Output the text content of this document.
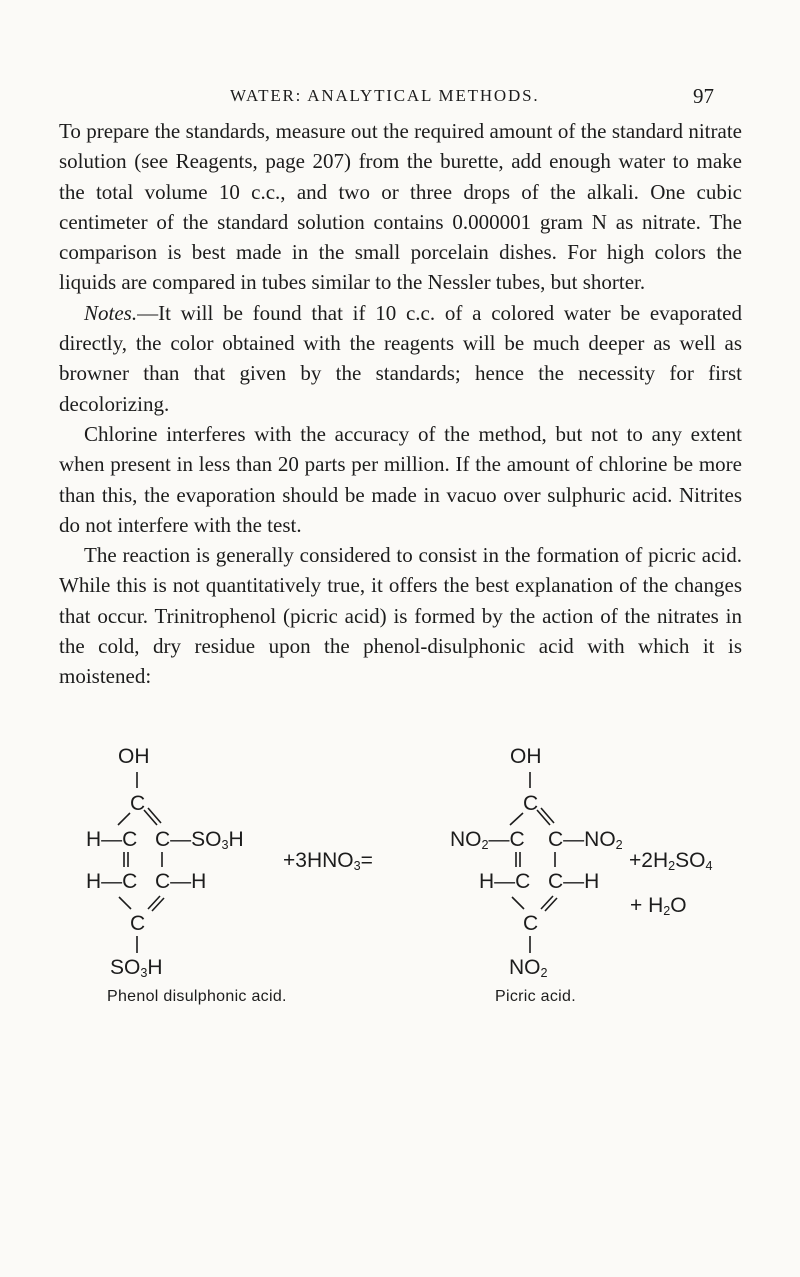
WATER: ANALYTICAL METHODS.	97

To prepare the standards, measure out the required amount of the standard nitrate solution (see Reagents, page 207) from the burette, add enough water to make the total volume 10 c.c., and two or three drops of the alkali. One cubic centimeter of the standard solution contains 0.000001 gram N as nitrate. The comparison is best made in the small porcelain dishes. For high colors the liquids are compared in tubes similar to the Nessler tubes, but shorter.

Notes.—It will be found that if 10 c.c. of a colored water be evaporated directly, the color obtained with the reagents will be much deeper as well as browner than that given by the standards; hence the necessity for first decolorizing.

Chlorine interferes with the accuracy of the method, but not to any extent when present in less than 20 parts per million. If the amount of chlorine be more than this, the evaporation should be made in vacuo over sulphuric acid. Nitrites do not interfere with the test.

The reaction is generally considered to consist in the formation of picric acid. While this is not quantitatively true, it offers the best explanation of the changes that occur. Trinitrophenol (picric acid) is formed by the action of the nitrates in the cold, dry residue upon the phenol-disulphonic acid with which it is moistened:

OH
C
H—C $C—SO_3H$
H—C C—H
C
$SO_3H$
Phenol disulphonic acid.
$+3HNO_3=$
OH
C
$NO_2—C$ $C—NO_2$
H—C C—H
C
$NO_2$
Picric acid.
$+2H_2SO_4$
+ $H_2O$
